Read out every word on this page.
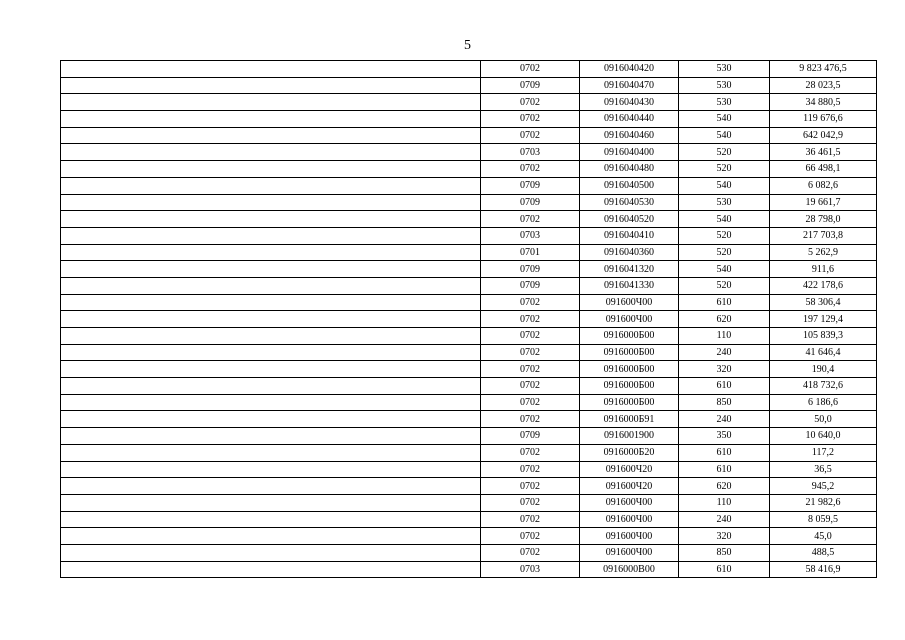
5
	0702	0916040420	530	9 823 476,5
	0709	0916040470	530	28 023,5
	0702	0916040430	530	34 880,5
	0702	0916040440	540	119 676,6
	0702	0916040460	540	642 042,9
	0703	0916040400	520	36 461,5
	0702	0916040480	520	66 498,1
	0709	0916040500	540	6 082,6
	0709	0916040530	530	19 661,7
	0702	0916040520	540	28 798,0
	0703	0916040410	520	217 703,8
	0701	0916040360	520	5 262,9
	0709	0916041320	540	911,6
	0709	0916041330	520	422 178,6
	0702	091600Ч00	610	58 306,4
	0702	091600Ч00	620	197 129,4
	0702	0916000Б00	110	105 839,3
	0702	0916000Б00	240	41 646,4
	0702	0916000Б00	320	190,4
	0702	0916000Б00	610	418 732,6
	0702	0916000Б00	850	6 186,6
	0702	0916000Б91	240	50,0
	0709	0916001900	350	10 640,0
	0702	0916000Б20	610	117,2
	0702	091600Ч20	610	36,5
	0702	091600Ч20	620	945,2
	0702	091600Ч00	110	21 982,6
	0702	091600Ч00	240	8 059,5
	0702	091600Ч00	320	45,0
	0702	091600Ч00	850	488,5
	0703	0916000В00	610	58 416,9
